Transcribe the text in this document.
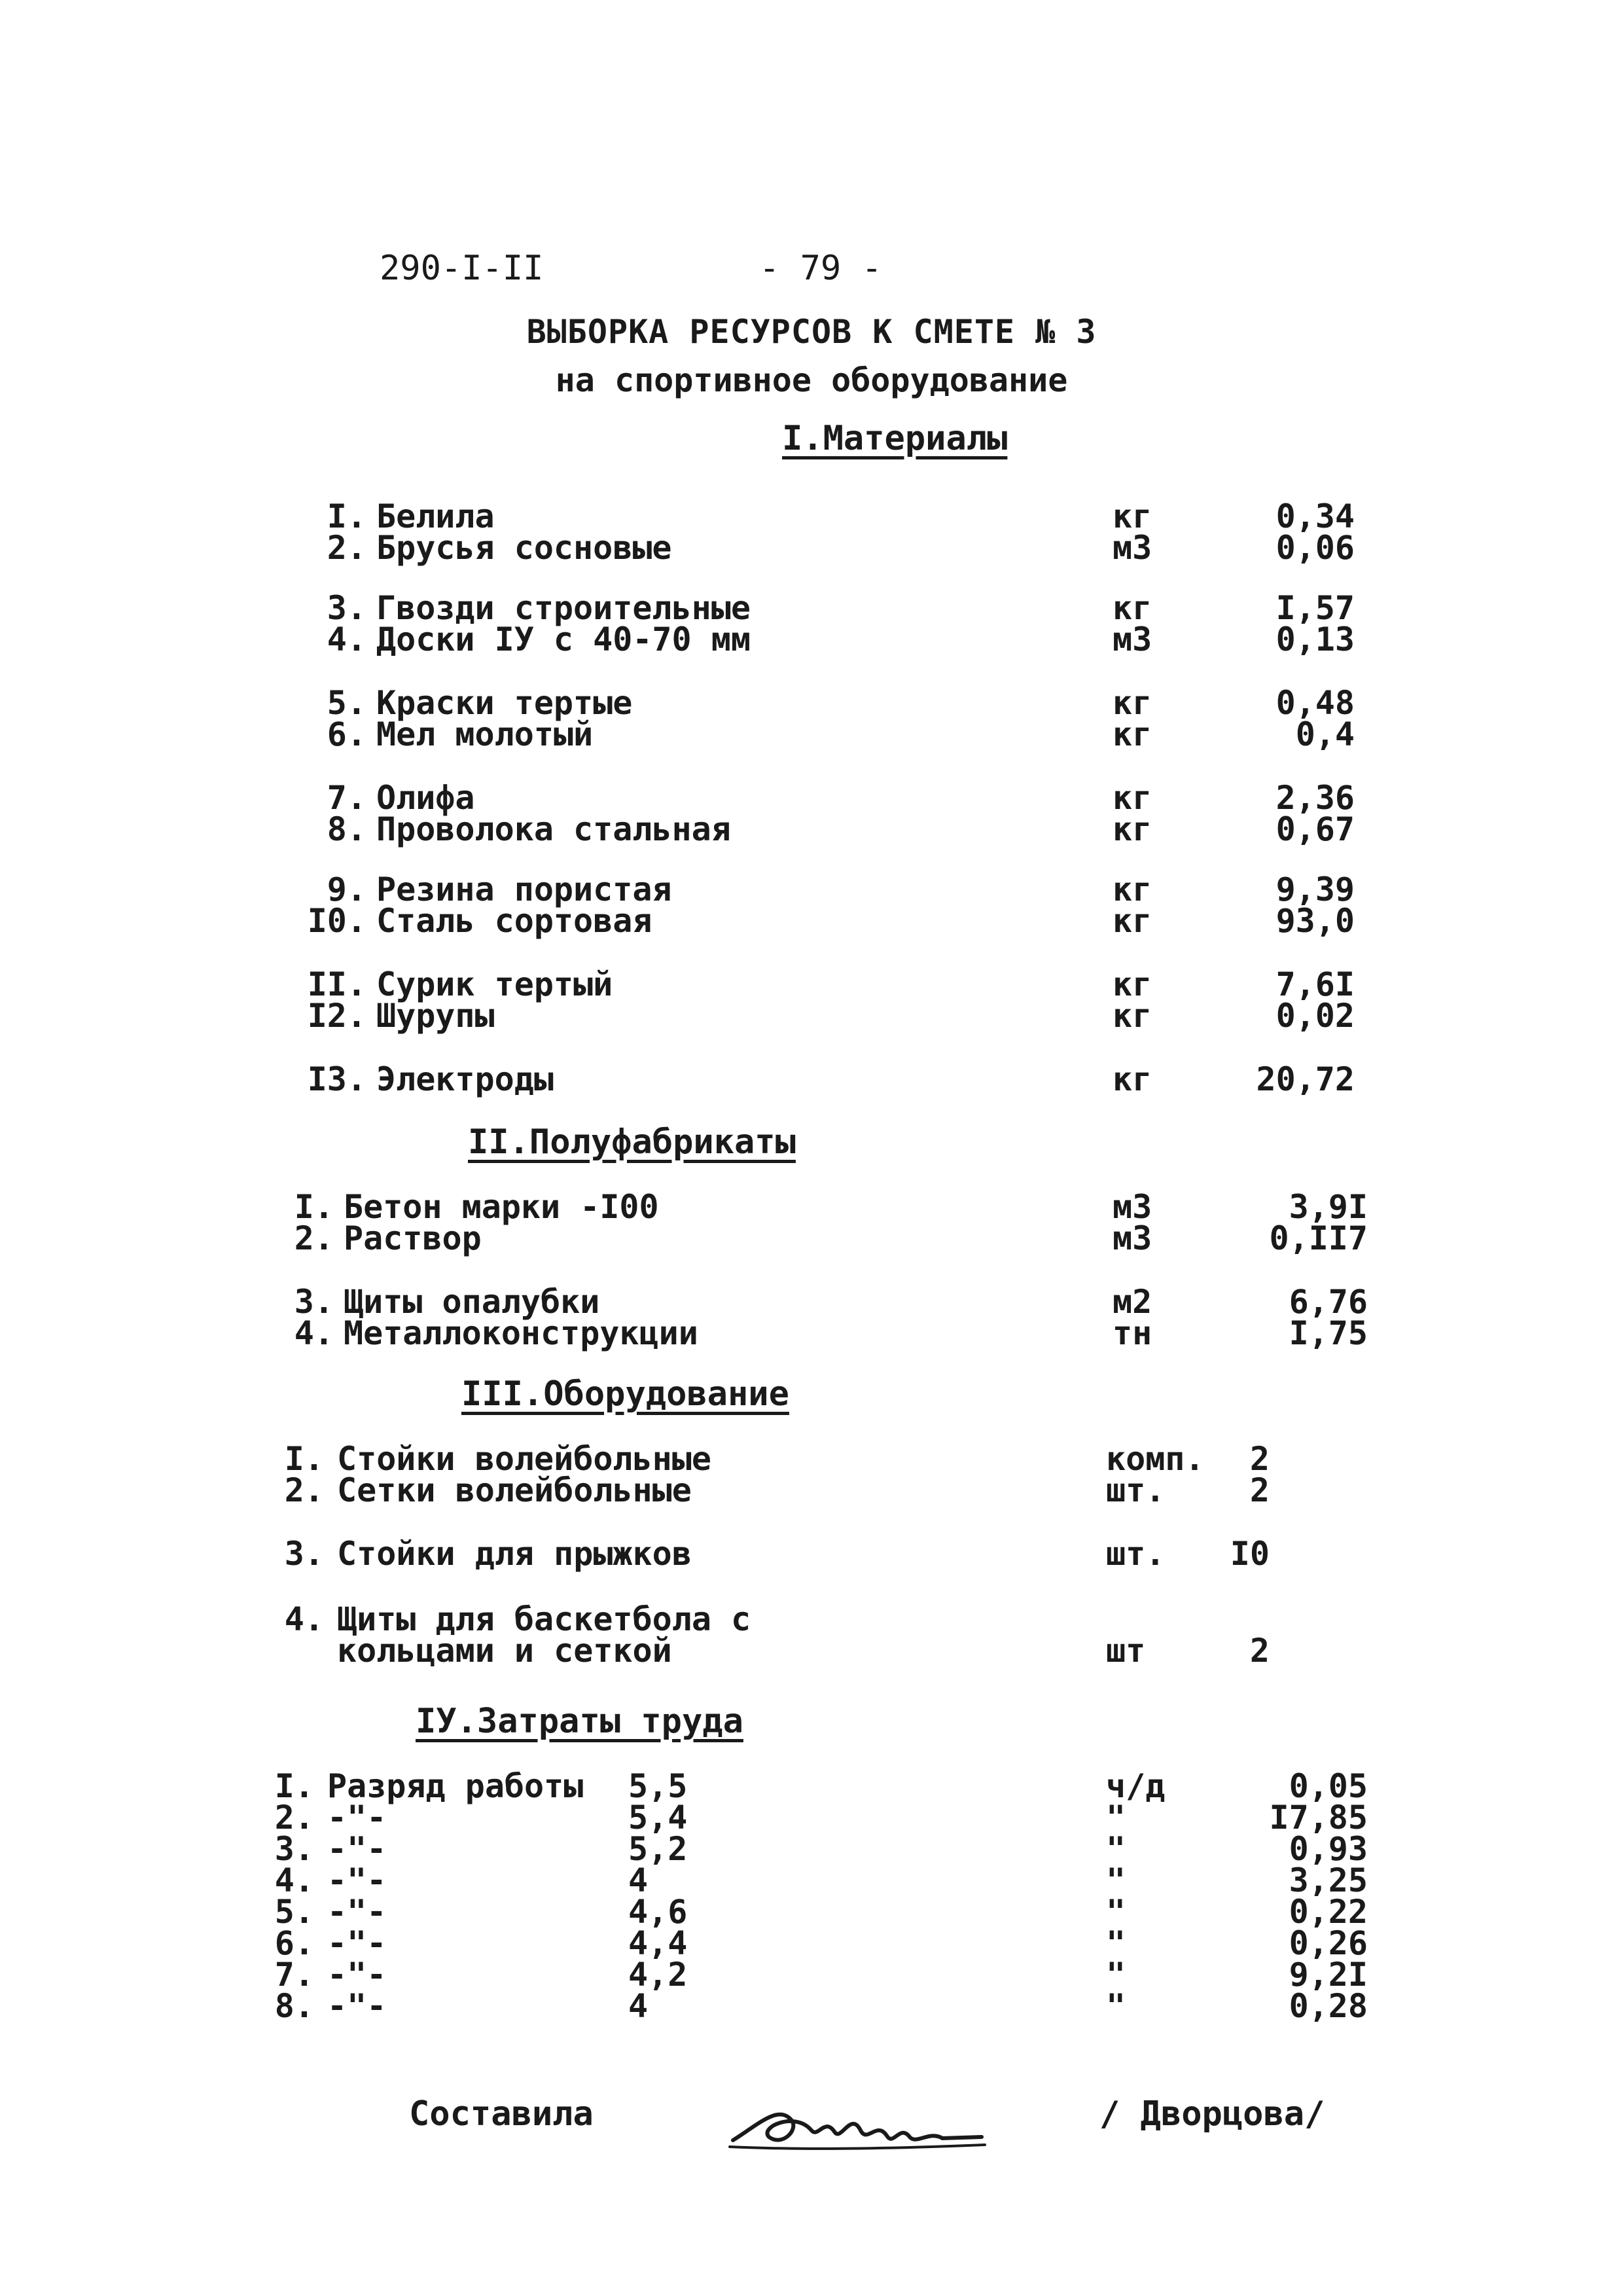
290-I-II	- 79 -
ВЫБОРКА РЕСУРСОВ К СМЕТЕ № 3
на спортивное оборудование
I.Материалы
I. Белила	кг	0,34
2. Брусья сосновые	м3	0,06
3. Гвозди строительные	кг	I,57
4. Доски IУ с 40-70 мм	м3	0,13
5. Краски тертые	кг	0,48
6. Мел молотый	кг	0,4
7. Олифа	кг	2,36
8. Проволока стальная	кг	0,67
9. Резина пористая	кг	9,39
I0. Сталь сортовая	кг	93,0
II. Сурик тертый	кг	7,6I
I2. Шурупы	кг	0,02
I3. Электроды	кг	20,72
II.Полуфабрикаты
I. Бетон марки -I00	м3	3,9I
2. Раствор	м3	0,II7
3. Щиты опалубки	м2	6,76
4. Металлоконструкции	тн	I,75
III.Оборудование
I. Стойки волейбольные	комп.	2
2. Сетки волейбольные	шт.	2
3. Стойки для прыжков	шт.	I0
4. Щиты для баскетбола с
кольцами и сеткой	шт	2
IУ.Затраты труда
I. Разряд работы 5,5	ч/д	0,05
2. -"-	5,4	"	I7,85
3. -"-	5,2	"	0,93
4. -"-	4	"	3,25
5. -"-	4,6	"	0,22
6. -"-	4,4	"	0,26
7. -"-	4,2	"	9,2I
8. -"-	4	"	0,28
Составила	/ Дворцова/
